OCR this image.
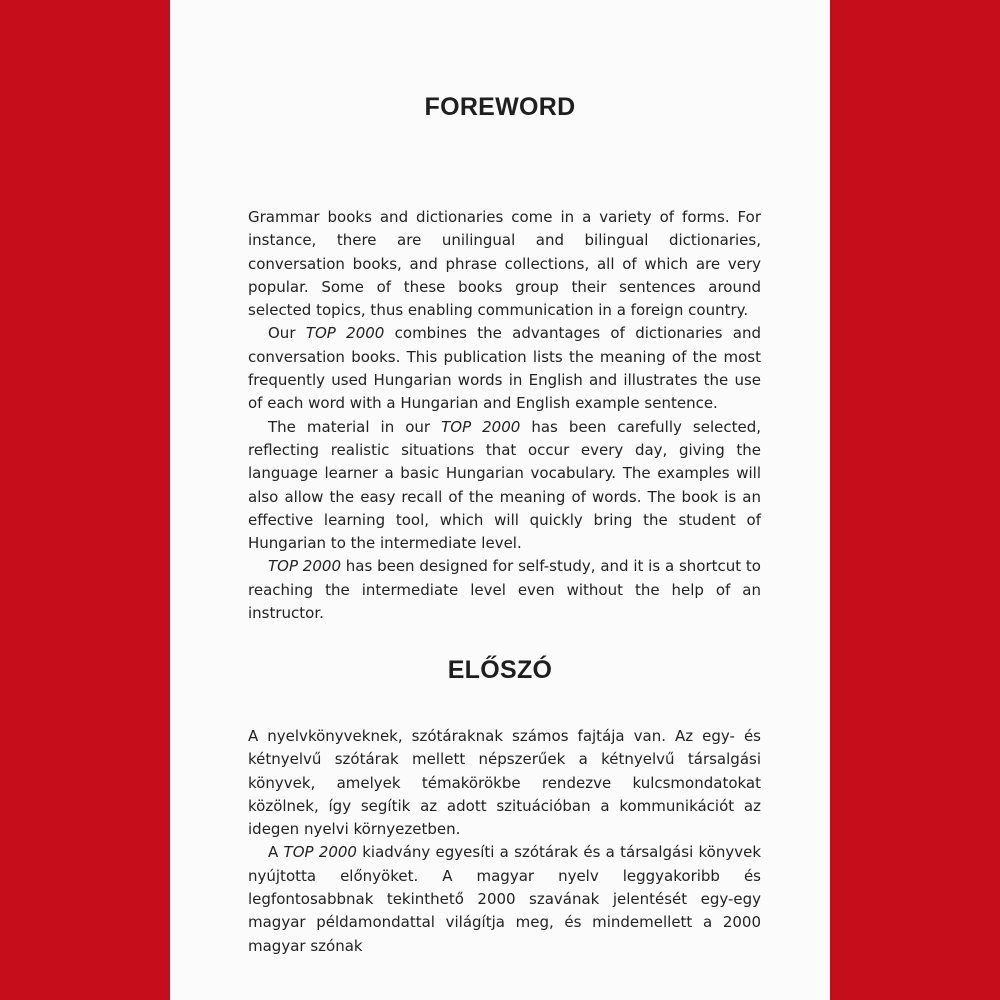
FOREWORD

Grammar books and dictionaries come in a variety of forms. For instance, there are unilingual and bilingual dictionaries, conversation books, and phrase collections, all of which are very popular. Some of these books group their sentences around selected topics, thus enabling communication in a foreign country.

Our TOP 2000 combines the advantages of dictionaries and conversation books. This publication lists the meaning of the most frequently used Hungarian words in English and illustrates the use of each word with a Hungarian and English example sentence.

The material in our TOP 2000 has been carefully selected, reflecting realistic situations that occur every day, giving the language learner a basic Hungarian vocabulary. The examples will also allow the easy recall of the meaning of words. The book is an effective learning tool, which will quickly bring the student of Hungarian to the intermediate level.

TOP 2000 has been designed for self-study, and it is a shortcut to reaching the intermediate level even without the help of an instructor.

ELŐSZÓ

A nyelvkönyveknek, szótáraknak számos fajtája van. Az egy- és kétnyelvű szótárak mellett népszerűek a kétnyelvű társalgási könyvek, amelyek témakörökbe rendezve kulcsmondatokat közölnek, így segítik az adott szituációban a kommunikációt az idegen nyelvi környezetben.

A TOP 2000 kiadvány egyesíti a szótárak és a társalgási könyvek nyújtotta előnyöket. A magyar nyelv leggyakoribb és legfontosabbnak tekinthető 2000 szavának jelentését egy-egy magyar példamondattal világítja meg, és mindemellett a 2000 magyar szónak
